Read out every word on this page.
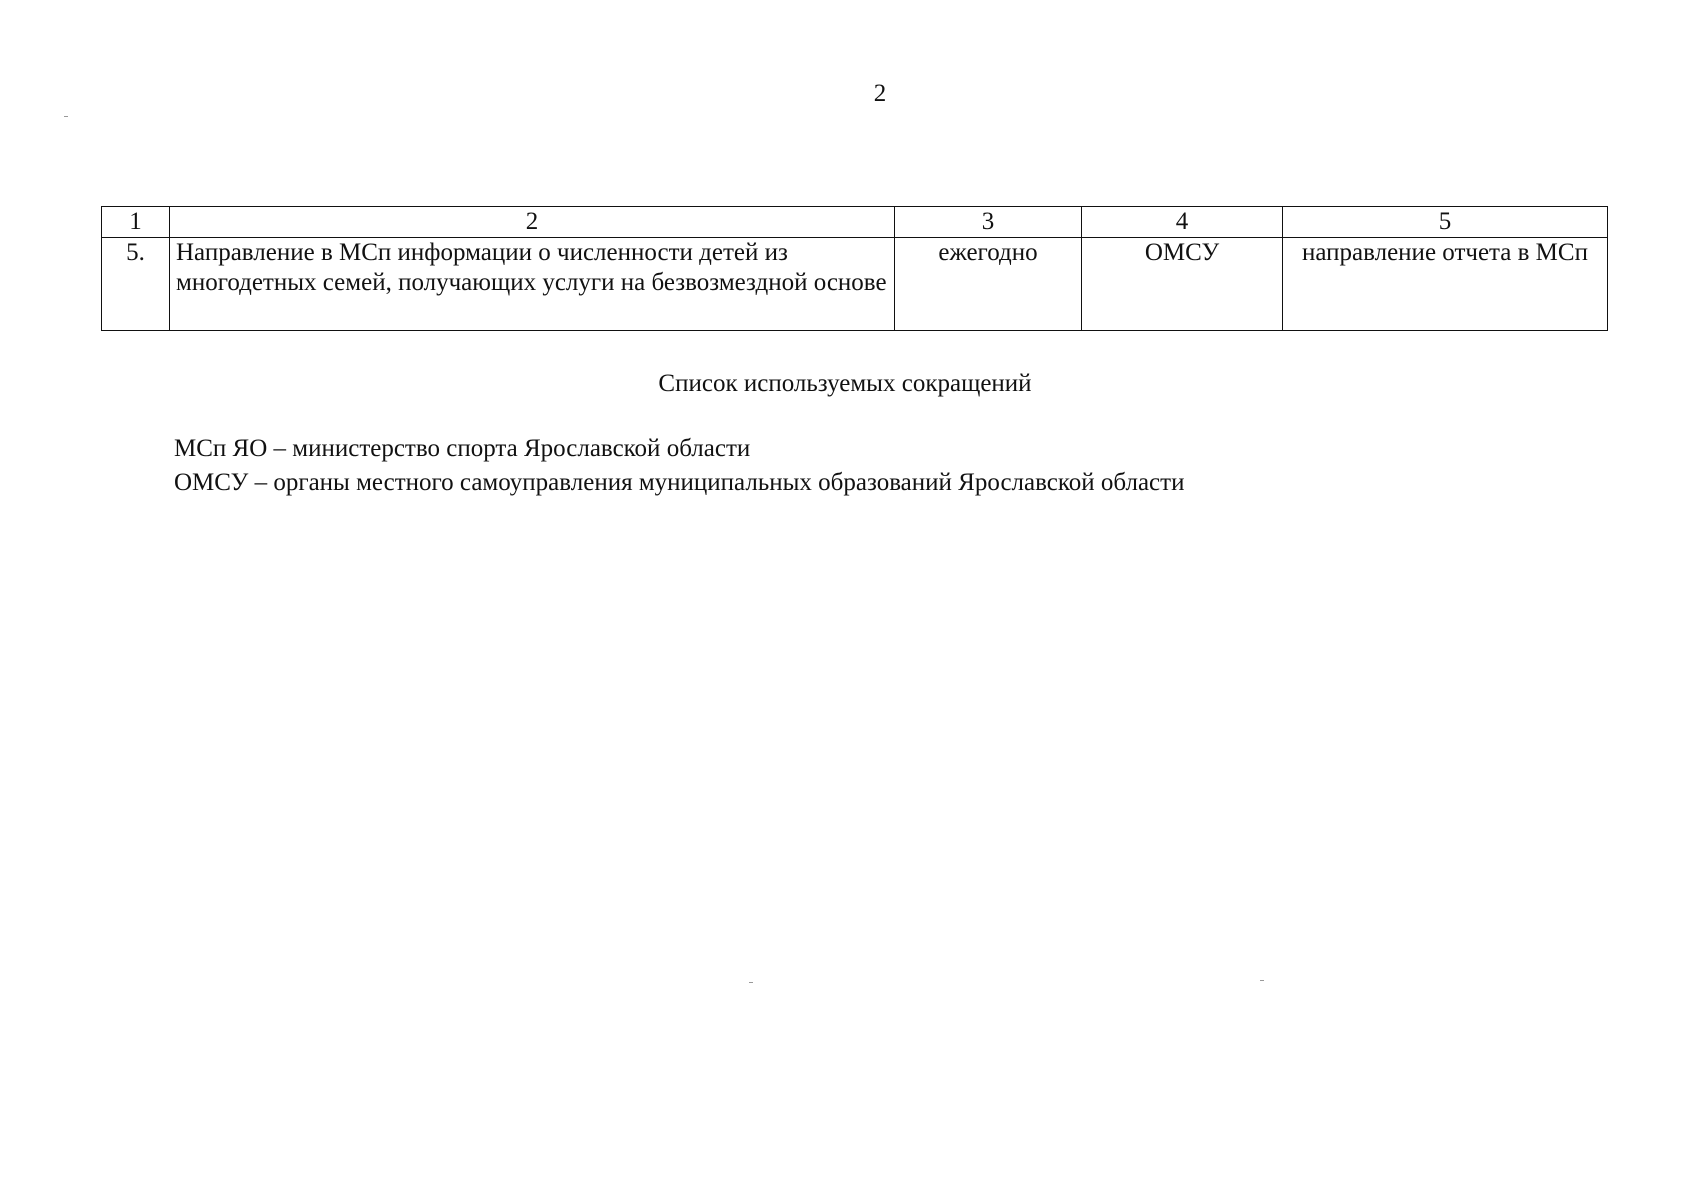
2
1	2	3	4	5
5.	Направление в МСп информации о численности детей из многодетных семей, получающих услуги на безвозмездной основе	ежегодно	ОМСУ	направление отчета в МСп
Список используемых сокращений
МСп ЯО – министерство спорта Ярославской области
ОМСУ – органы местного самоуправления муниципальных образований Ярославской области
